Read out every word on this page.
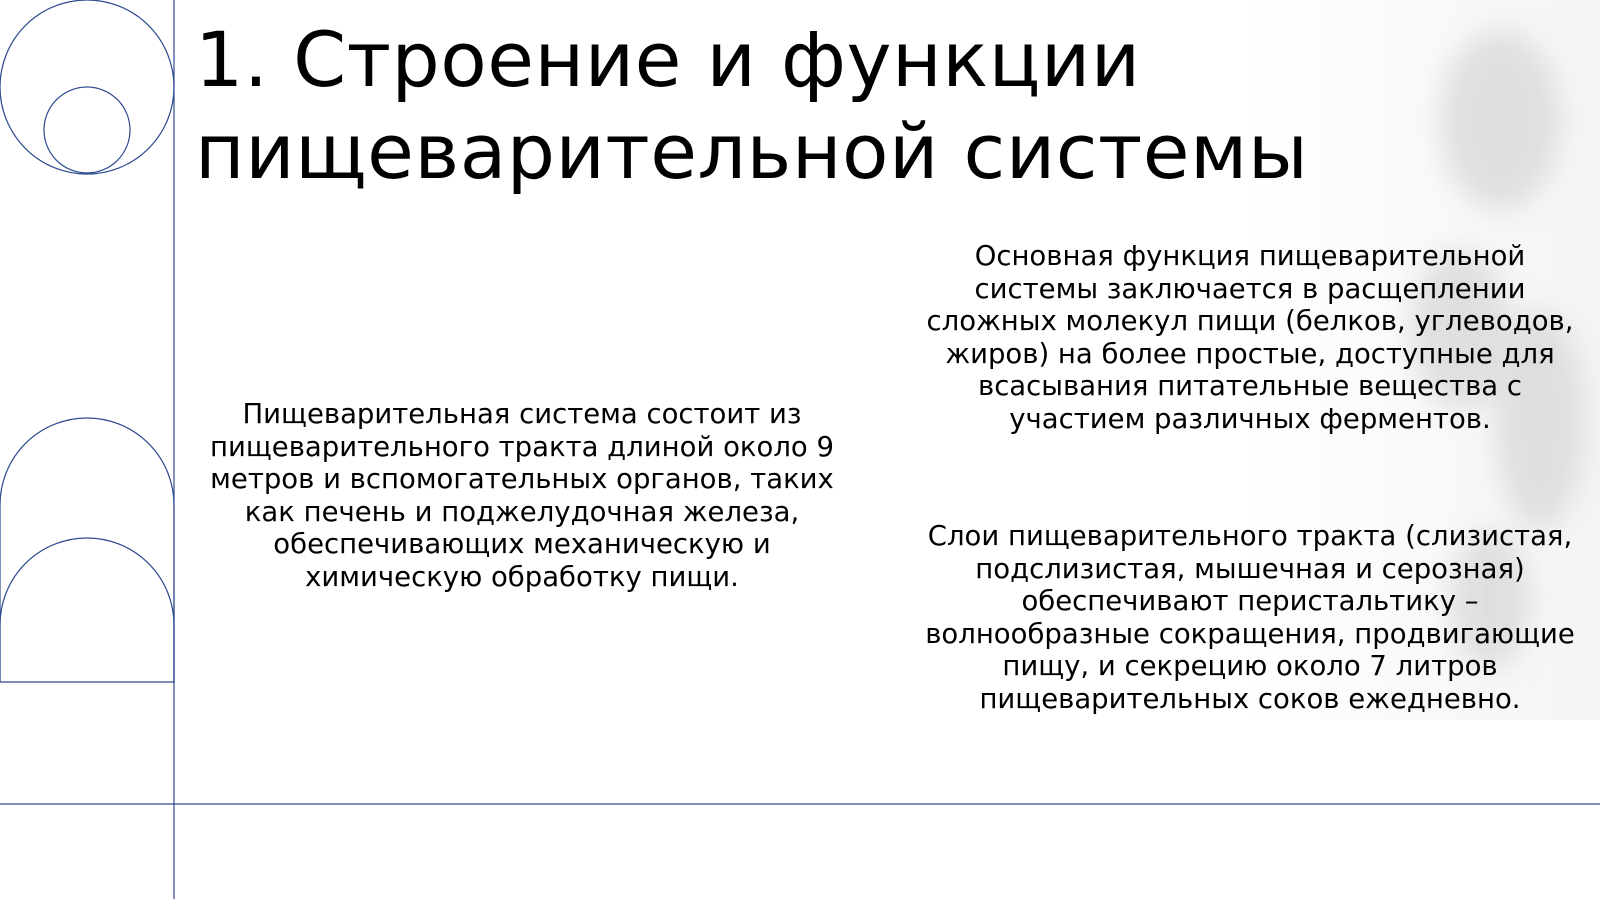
1. Строение и функции
пищеварительной системы

Пищеварительная система состоит из пищеварительного тракта длиной около 9 метров и вспомогательных органов, таких как печень и поджелудочная железа, обеспечивающих механическую и химическую обработку пищи.

Основная функция пищеварительной системы заключается в расщеплении сложных молекул пищи (белков, углеводов, жиров) на более простые, доступные для всасывания питательные вещества с участием различных ферментов.

Слои пищеварительного тракта (слизистая, подслизистая, мышечная и серозная) обеспечивают перистальтику – волнообразные сокращения, продвигающие пищу, и секрецию около 7 литров пищеварительных соков ежедневно.
